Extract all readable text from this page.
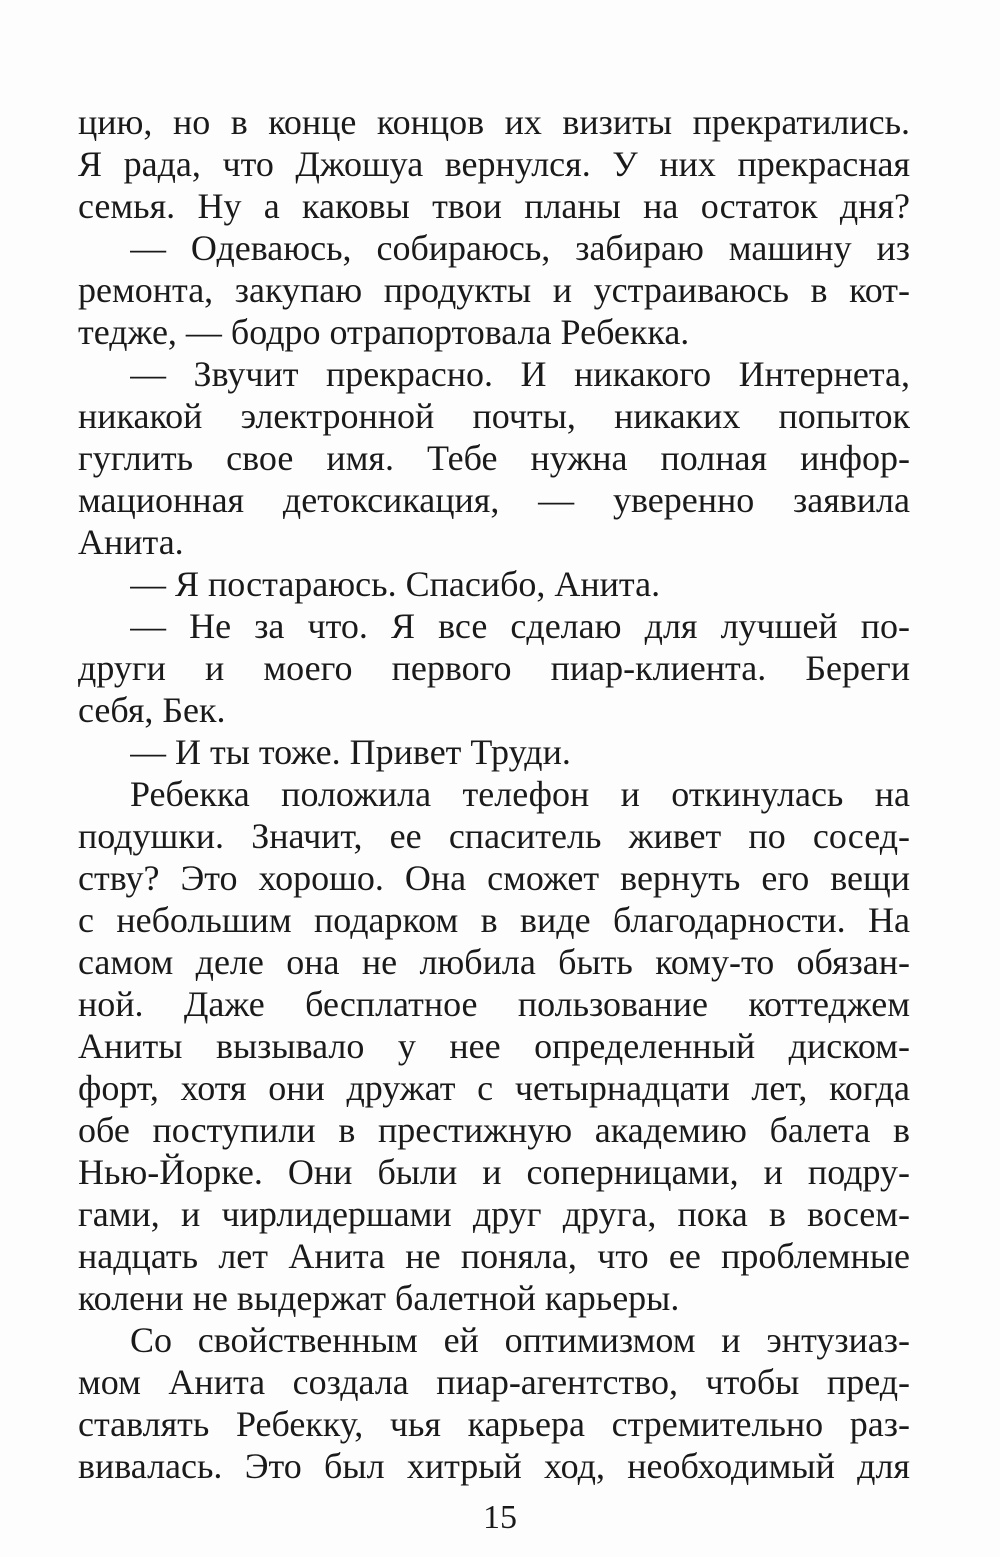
цию, но в конце концов их визиты прекратились.
Я рада, что Джошуа вернулся. У них прекрасная
семья. Ну а каковы твои планы на остаток дня?
— Одеваюсь, собираюсь, забираю машину из
ремонта, закупаю продукты и устраиваюсь в кот-
тедже, — бодро отрапортовала Ребекка.
— Звучит прекрасно. И никакого Интернета,
никакой электронной почты, никаких попыток
гуглить свое имя. Тебе нужна полная инфор-
мационная детоксикация, — уверенно заявила
Анита.
— Я постараюсь. Спасибо, Анита.
— Не за что. Я все сделаю для лучшей по-
други и моего первого пиар-клиента. Береги
себя, Бек.
— И ты тоже. Привет Труди.
Ребекка положила телефон и откинулась на
подушки. Значит, ее спаситель живет по сосед-
ству? Это хорошо. Она сможет вернуть его вещи
с небольшим подарком в виде благодарности. На
самом деле она не любила быть кому-то обязан-
ной. Даже бесплатное пользование коттеджем
Аниты вызывало у нее определенный диском-
форт, хотя они дружат с четырнадцати лет, когда
обе поступили в престижную академию балета в
Нью-Йорке. Они были и соперницами, и подру-
гами, и чирлидершами друг друга, пока в восем-
надцать лет Анита не поняла, что ее проблемные
колени не выдержат балетной карьеры.
Со свойственным ей оптимизмом и энтузиаз-
мом Анита создала пиар-агентство, чтобы пред-
ставлять Ребекку, чья карьера стремительно раз-
вивалась. Это был хитрый ход, необходимый для
15
